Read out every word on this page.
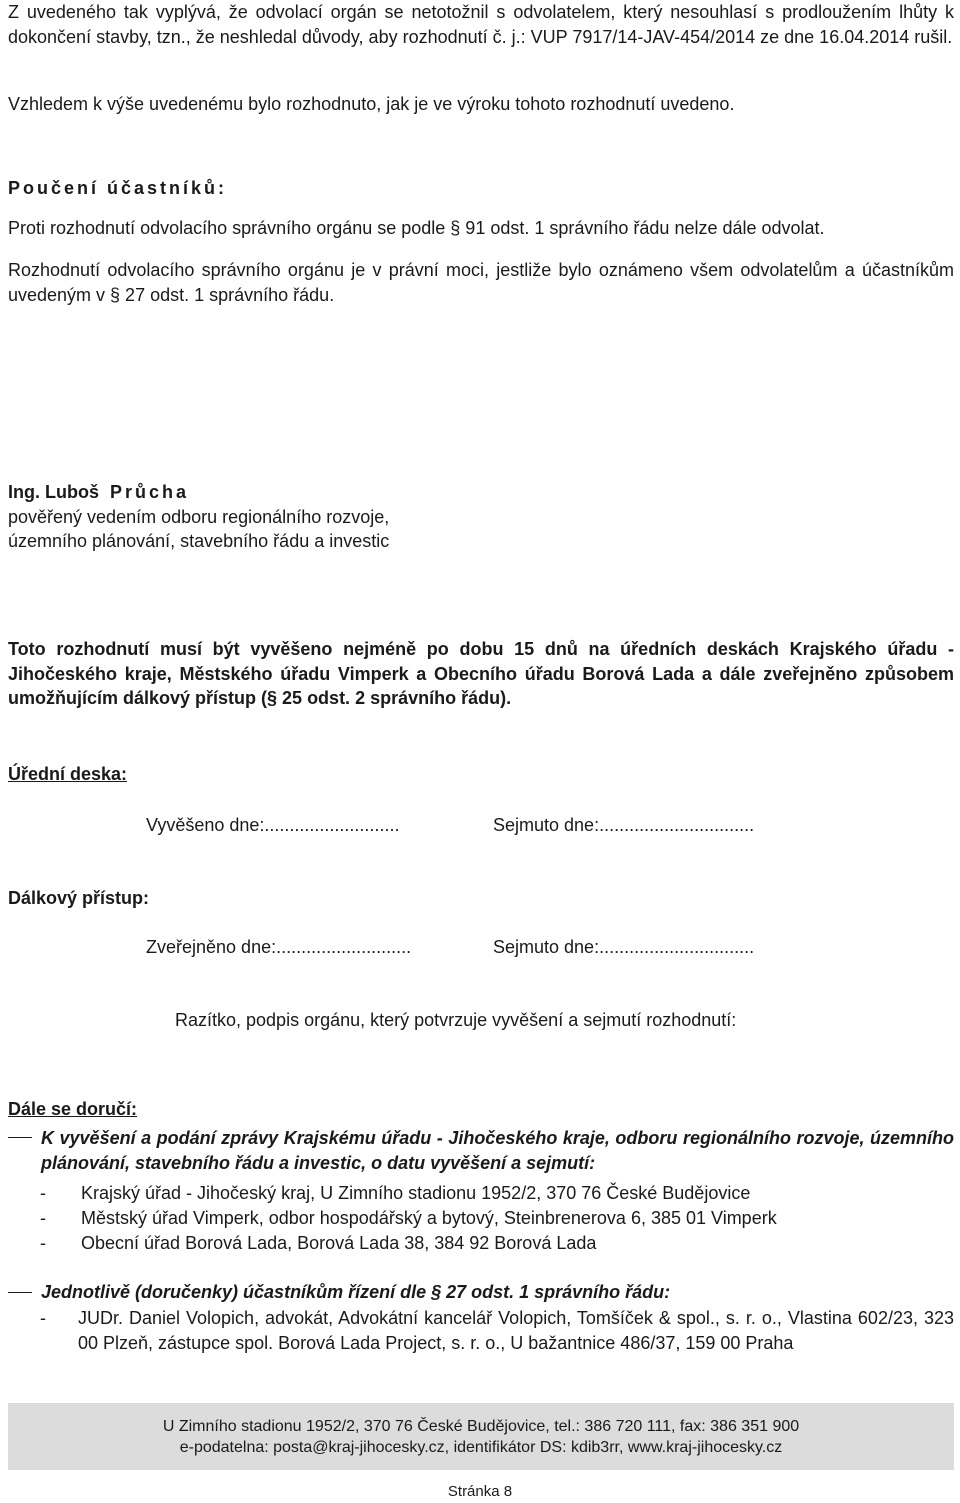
Z uvedeného tak vyplývá, že odvolací orgán se netotožnil s odvolatelem, který nesouhlasí s prodloužením lhůty k dokončení stavby, tzn., že neshledal důvody, aby rozhodnutí č. j.: VUP 7917/14-JAV-454/2014 ze dne 16.04.2014 rušil.

Vzhledem k výše uvedenému bylo rozhodnuto, jak je ve výroku tohoto rozhodnutí uvedeno.

Poučení účastníků:

Proti rozhodnutí odvolacího správního orgánu se podle § 91 odst. 1 správního řádu nelze dále odvolat.

Rozhodnutí odvolacího správního orgánu je v právní moci, jestliže bylo oznámeno všem odvolatelům a účastníkům uvedeným v § 27 odst. 1 správního řádu.

Ing. Luboš Průcha
pověřený vedením odboru regionálního rozvoje,
územního plánování, stavebního řádu a investic

Toto rozhodnutí musí být vyvěšeno nejméně po dobu 15 dnů na úředních deskách Krajského úřadu - Jihočeského kraje, Městského úřadu Vimperk a Obecního úřadu Borová Lada a dále zveřejněno způsobem umožňujícím dálkový přístup (§ 25 odst. 2 správního řádu).

Úřední deska:
Vyvěšeno dne:...........................	Sejmuto dne:...............................
Dálkový přístup:
Zveřejněno dne:...........................	Sejmuto dne:...............................
Razítko, podpis orgánu, který potvrzuje vyvěšení a sejmutí rozhodnutí:
Dále se doručí:

K vyvěšení a podání zprávy Krajskému úřadu - Jihočeského kraje, odboru regionálního rozvoje, územního plánování, stavebního řádu a investic, o datu vyvěšení a sejmutí:

- Krajský úřad - Jihočeský kraj, U Zimního stadionu 1952/2, 370 76 České Budějovice
- Městský úřad Vimperk, odbor hospodářský a bytový, Steinbrenerova 6, 385 01 Vimperk
- Obecní úřad Borová Lada, Borová Lada 38, 384 92 Borová Lada
Jednotlivě (doručenky) účastníkům řízení dle § 27 odst. 1 správního řádu:
- JUDr. Daniel Volopich, advokát, Advokátní kancelář Volopich, Tomšíček & spol., s. r. o., Vlastina 602/23, 323 00 Plzeň, zástupce spol. Borová Lada Project, s. r. o., U bažantnice 486/37, 159 00 Praha

U Zimního stadionu 1952/2, 370 76 České Budějovice, tel.: 386 720 111, fax: 386 351 900
e-podatelna: posta@kraj-jihocesky.cz, identifikátor DS: kdib3rr, www.kraj-jihocesky.cz
Stránka 8
